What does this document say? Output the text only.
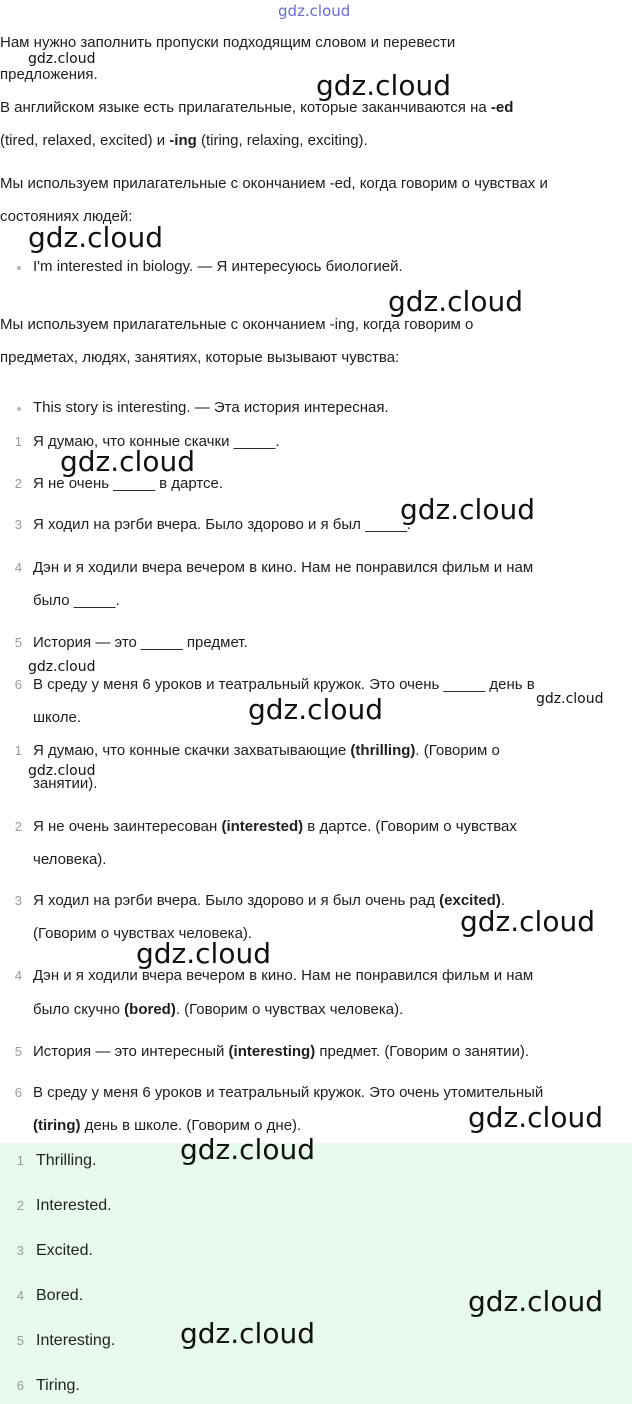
gdz.cloud
Нам нужно заполнить пропуски подходящим словом и перевести
предложения.
В английском языке есть прилагательные, которые заканчиваются на -ed
(tired, relaxed, excited) и -ing (tiring, relaxing, exciting).
Мы используем прилагательные с окончанием -ed, когда говорим о чувствах и
состояниях людей:
I'm interested in biology. — Я интересуюсь биологией.
Мы используем прилагательные с окончанием -ing, когда говорим о
предметах, людях, занятиях, которые вызывают чувства:
This story is interesting. — Эта история интересная.
1 Я думаю, что конные скачки _____.
2 Я не очень _____ в дартсе.
3 Я ходил на рэгби вчера. Было здорово и я был _____.
4 Дэн и я ходили вчера вечером в кино. Нам не понравился фильм и нам
было _____.
5 История — это _____ предмет.
6 В среду у меня 6 уроков и театральный кружок. Это очень _____ день в
школе.
1 Я думаю, что конные скачки захватывающие (thrilling). (Говорим о
занятии).
2 Я не очень заинтересован (interested) в дартсе. (Говорим о чувствах
человека).
3 Я ходил на рэгби вчера. Было здорово и я был очень рад (excited).
(Говорим о чувствах человека).
4 Дэн и я ходили вчера вечером в кино. Нам не понравился фильм и нам
было скучно (bored). (Говорим о чувствах человека).
5 История — это интересный (interesting) предмет. (Говорим о занятии).
6 В среду у меня 6 уроков и театральный кружок. Это очень утомительный
(tiring) день в школе. (Говорим о дне).
1 Thrilling.
2 Interested.
3 Excited.
4 Bored.
5 Interesting.
6 Tiring.
gdz.cloud
gdz.cloud
gdz.cloud
gdz.cloud
gdz.cloud
gdz.cloud
gdz.cloud
gdz.cloud
gdz.cloud
gdz.cloud
gdz.cloud
gdz.cloud
gdz.cloud
gdz.cloud
gdz.cloud
gdz.cloud
